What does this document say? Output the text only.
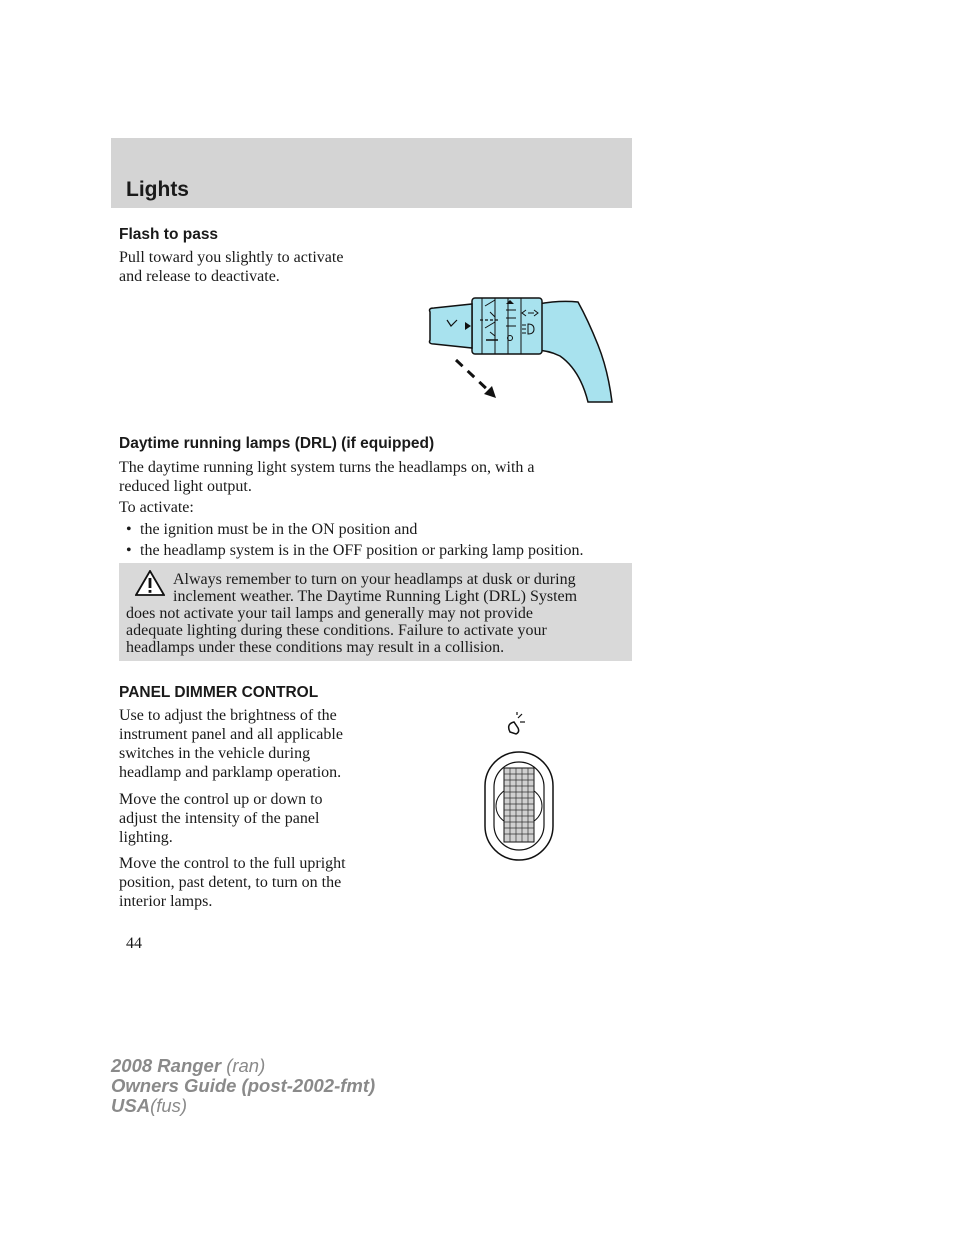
Lights
Flash to pass
Pull toward you slightly to activate
and release to deactivate.
Daytime running lamps (DRL) (if equipped)
The daytime running light system turns the headlamps on, with a
reduced light output.
To activate:
• the ignition must be in the ON position and
• the headlamp system is in the OFF position or parking lamp position.
Always remember to turn on your headlamps at dusk or during
inclement weather. The Daytime Running Light (DRL) System
does not activate your tail lamps and generally may not provide
adequate lighting during these conditions. Failure to activate your
headlamps under these conditions may result in a collision.
PANEL DIMMER CONTROL
Use to adjust the brightness of the
instrument panel and all applicable
switches in the vehicle during
headlamp and parklamp operation.
Move the control up or down to
adjust the intensity of the panel
lighting.
Move the control to the full upright
position, past detent, to turn on the
interior lamps.
44
2008 Ranger (ran)
Owners Guide (post-2002-fmt)
USA(fus)
